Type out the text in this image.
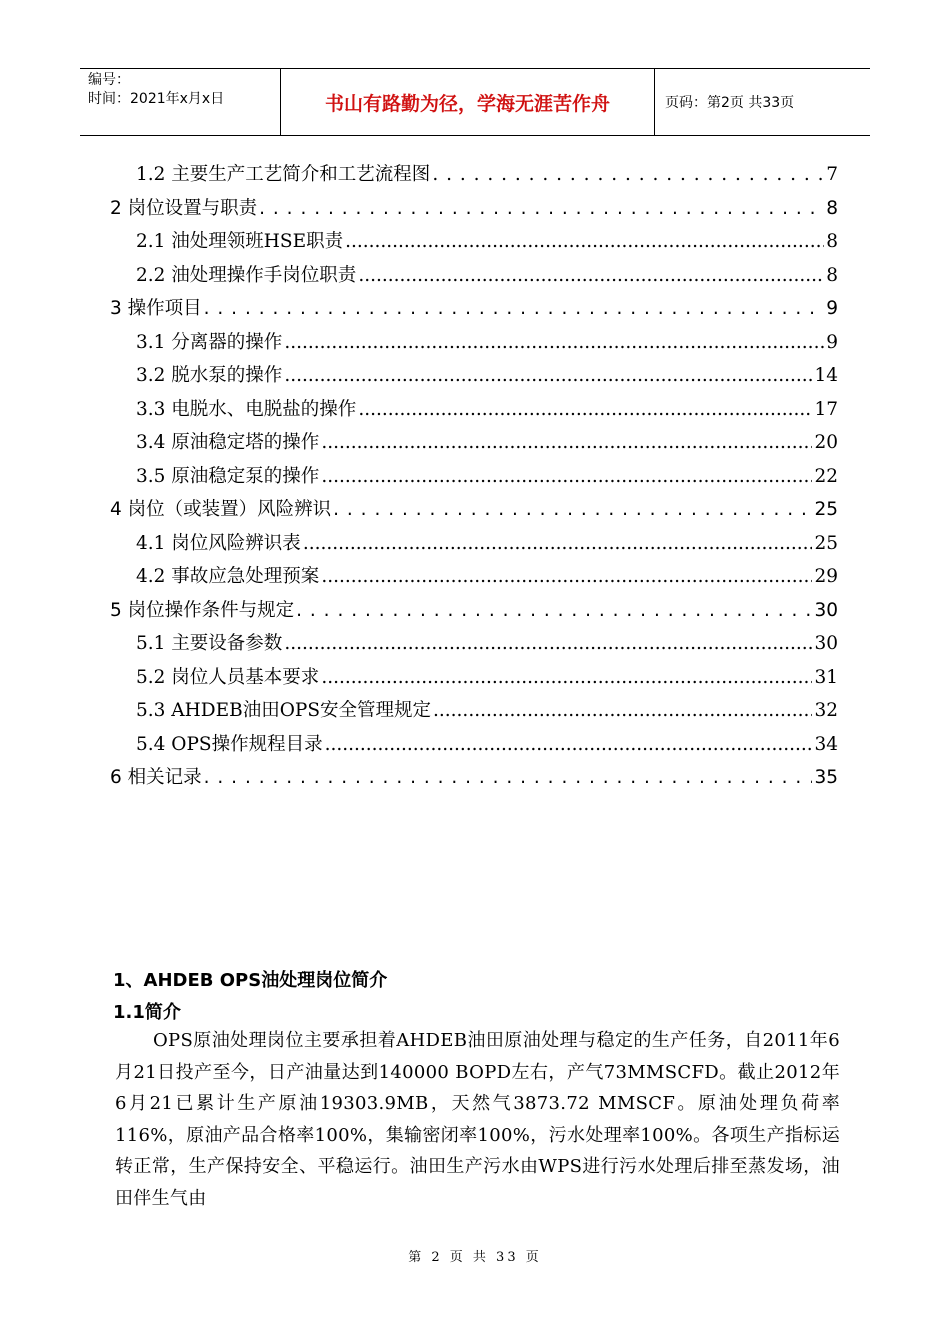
编号：
时间：2021年x月x日	书山有路勤为径，学海无涯苦作舟	页码：第2页 共33页
1.2 主要生产工艺简介和工艺流程图 . . .	7
2 岗位设置与职责 . . .	8
2.1 油处理领班HSE职责 .....	8
2.2 油处理操作手岗位职责 .....	8
3 操作项目 . . .	9
3.1 分离器的操作 .....	9
3.2 脱水泵的操作 .....	14
3.3 电脱水、电脱盐的操作 .....	17
3.4 原油稳定塔的操作 .....	20
3.5 原油稳定泵的操作 .....	22
4 岗位（或装置）风险辨识 . . .	25
4.1 岗位风险辨识表 .....	25
4.2 事故应急处理预案 .....	29
5 岗位操作条件与规定 . . .	30
5.1 主要设备参数 .....	30
5.2 岗位人员基本要求 .....	31
5.3 AHDEB油田OPS安全管理规定 .....	32
5.4 OPS操作规程目录 .....	34
6 相关记录 . . .	35
1、AHDEB OPS油处理岗位简介
1.1简介
OPS原油处理岗位主要承担着AHDEB油田原油处理与稳定的生产任务，自2011年6月21日投产至今，日产油量达到140000 BOPD左右，产气73MMSCFD。截止2012年6月21已累计生产原油19303.9MB，天然气3873.72 MMSCF。原油处理负荷率116%，原油产品合格率100%，集输密闭率100%，污水处理率100%。各项生产指标运转正常，生产保持安全、平稳运行。油田生产污水由WPS进行污水处理后排至蒸发场，油田伴生气由
第 2 页 共 33 页
